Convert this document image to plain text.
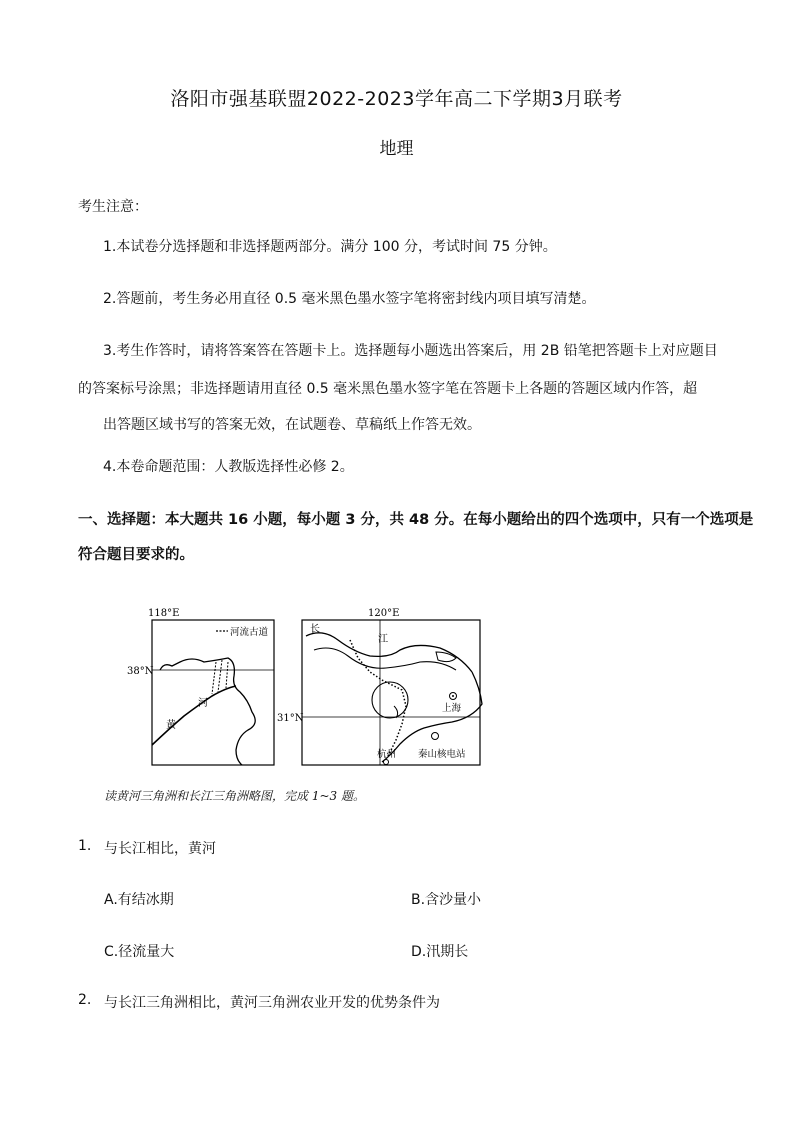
洛阳市强基联盟2022-2023学年高二下学期3月联考
地理
考生注意：
1.本试卷分选择题和非选择题两部分。满分 100 分，考试时间 75 分钟。
2.答题前，考生务必用直径 0.5 毫米黑色墨水签字笔将密封线内项目填写清楚。
3.考生作答时，请将答案答在答题卡上。选择题每小题选出答案后，用 2B 铅笔把答题卡上对应题目
的答案标号涂黑；非选择题请用直径 0.5 毫米黑色墨水签字笔在答题卡上各题的答题区域内作答，超
出答题区域书写的答案无效，在试题卷、草稿纸上作答无效。
4.本卷命题范围：人教版选择性必修 2。
一、选择题：本大题共 16 小题，每小题 3 分，共 48 分。在每小题给出的四个选项中，只有一个选项是
符合题目要求的。
118°E
38°N
河流古道
黄
河
120°E
31°N
上海
杭州 秦山核电站
长
江
读黄河三角洲和长江三角洲略图，完成 1~3 题。
1. 与长江相比，黄河
A.有结冰期	B.含沙量小
C.径流量大	D.汛期长
2. 与长江三角洲相比，黄河三角洲农业开发的优势条件为
